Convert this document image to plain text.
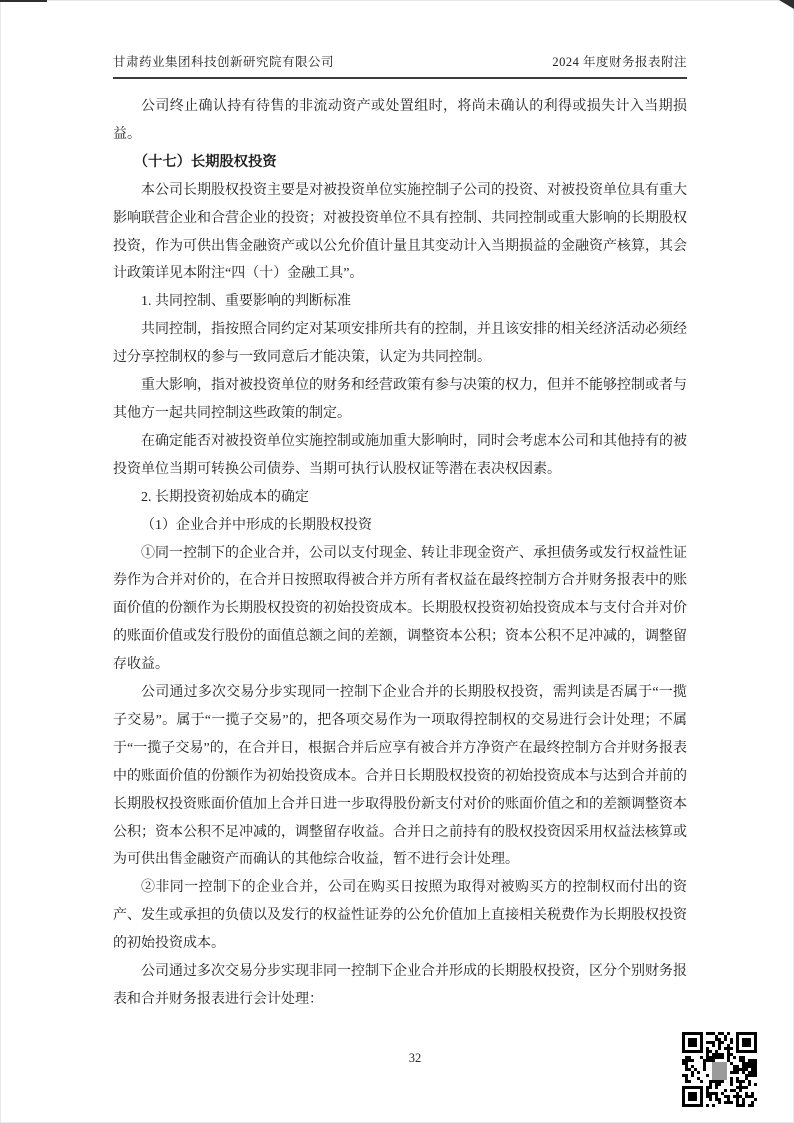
甘肃药业集团科技创新研究院有限公司	2024 年度财务报表附注

公司终止确认持有待售的非流动资产或处置组时，将尚未确认的利得或损失计入当期损益。

（十七）长期股权投资

本公司长期股权投资主要是对被投资单位实施控制子公司的投资、对被投资单位具有重大影响联营企业和合营企业的投资；对被投资单位不具有控制、共同控制或重大影响的长期股权投资，作为可供出售金融资产或以公允价值计量且其变动计入当期损益的金融资产核算，其会计政策详见本附注“四（十）金融工具”。

1. 共同控制、重要影响的判断标准

共同控制，指按照合同约定对某项安排所共有的控制，并且该安排的相关经济活动必须经过分享控制权的参与一致同意后才能决策，认定为共同控制。

重大影响，指对被投资单位的财务和经营政策有参与决策的权力，但并不能够控制或者与其他方一起共同控制这些政策的制定。

在确定能否对被投资单位实施控制或施加重大影响时，同时会考虑本公司和其他持有的被投资单位当期可转换公司债券、当期可执行认股权证等潜在表决权因素。

2. 长期投资初始成本的确定

（1）企业合并中形成的长期股权投资

①同一控制下的企业合并，公司以支付现金、转让非现金资产、承担债务或发行权益性证券作为合并对价的，在合并日按照取得被合并方所有者权益在最终控制方合并财务报表中的账面价值的份额作为长期股权投资的初始投资成本。长期股权投资初始投资成本与支付合并对价的账面价值或发行股份的面值总额之间的差额，调整资本公积；资本公积不足冲减的，调整留存收益。

公司通过多次交易分步实现同一控制下企业合并的长期股权投资，需判读是否属于“一揽子交易”。属于“一揽子交易”的，把各项交易作为一项取得控制权的交易进行会计处理；不属于“一揽子交易”的，在合并日，根据合并后应享有被合并方净资产在最终控制方合并财务报表中的账面价值的份额作为初始投资成本。合并日长期股权投资的初始投资成本与达到合并前的长期股权投资账面价值加上合并日进一步取得股份新支付对价的账面价值之和的差额调整资本公积；资本公积不足冲减的，调整留存收益。合并日之前持有的股权投资因采用权益法核算或为可供出售金融资产而确认的其他综合收益，暂不进行会计处理。

②非同一控制下的企业合并，公司在购买日按照为取得对被购买方的控制权而付出的资产、发生或承担的负债以及发行的权益性证券的公允价值加上直接相关税费作为长期股权投资的初始投资成本。

公司通过多次交易分步实现非同一控制下企业合并形成的长期股权投资，区分个别财务报表和合并财务报表进行会计处理：

32
